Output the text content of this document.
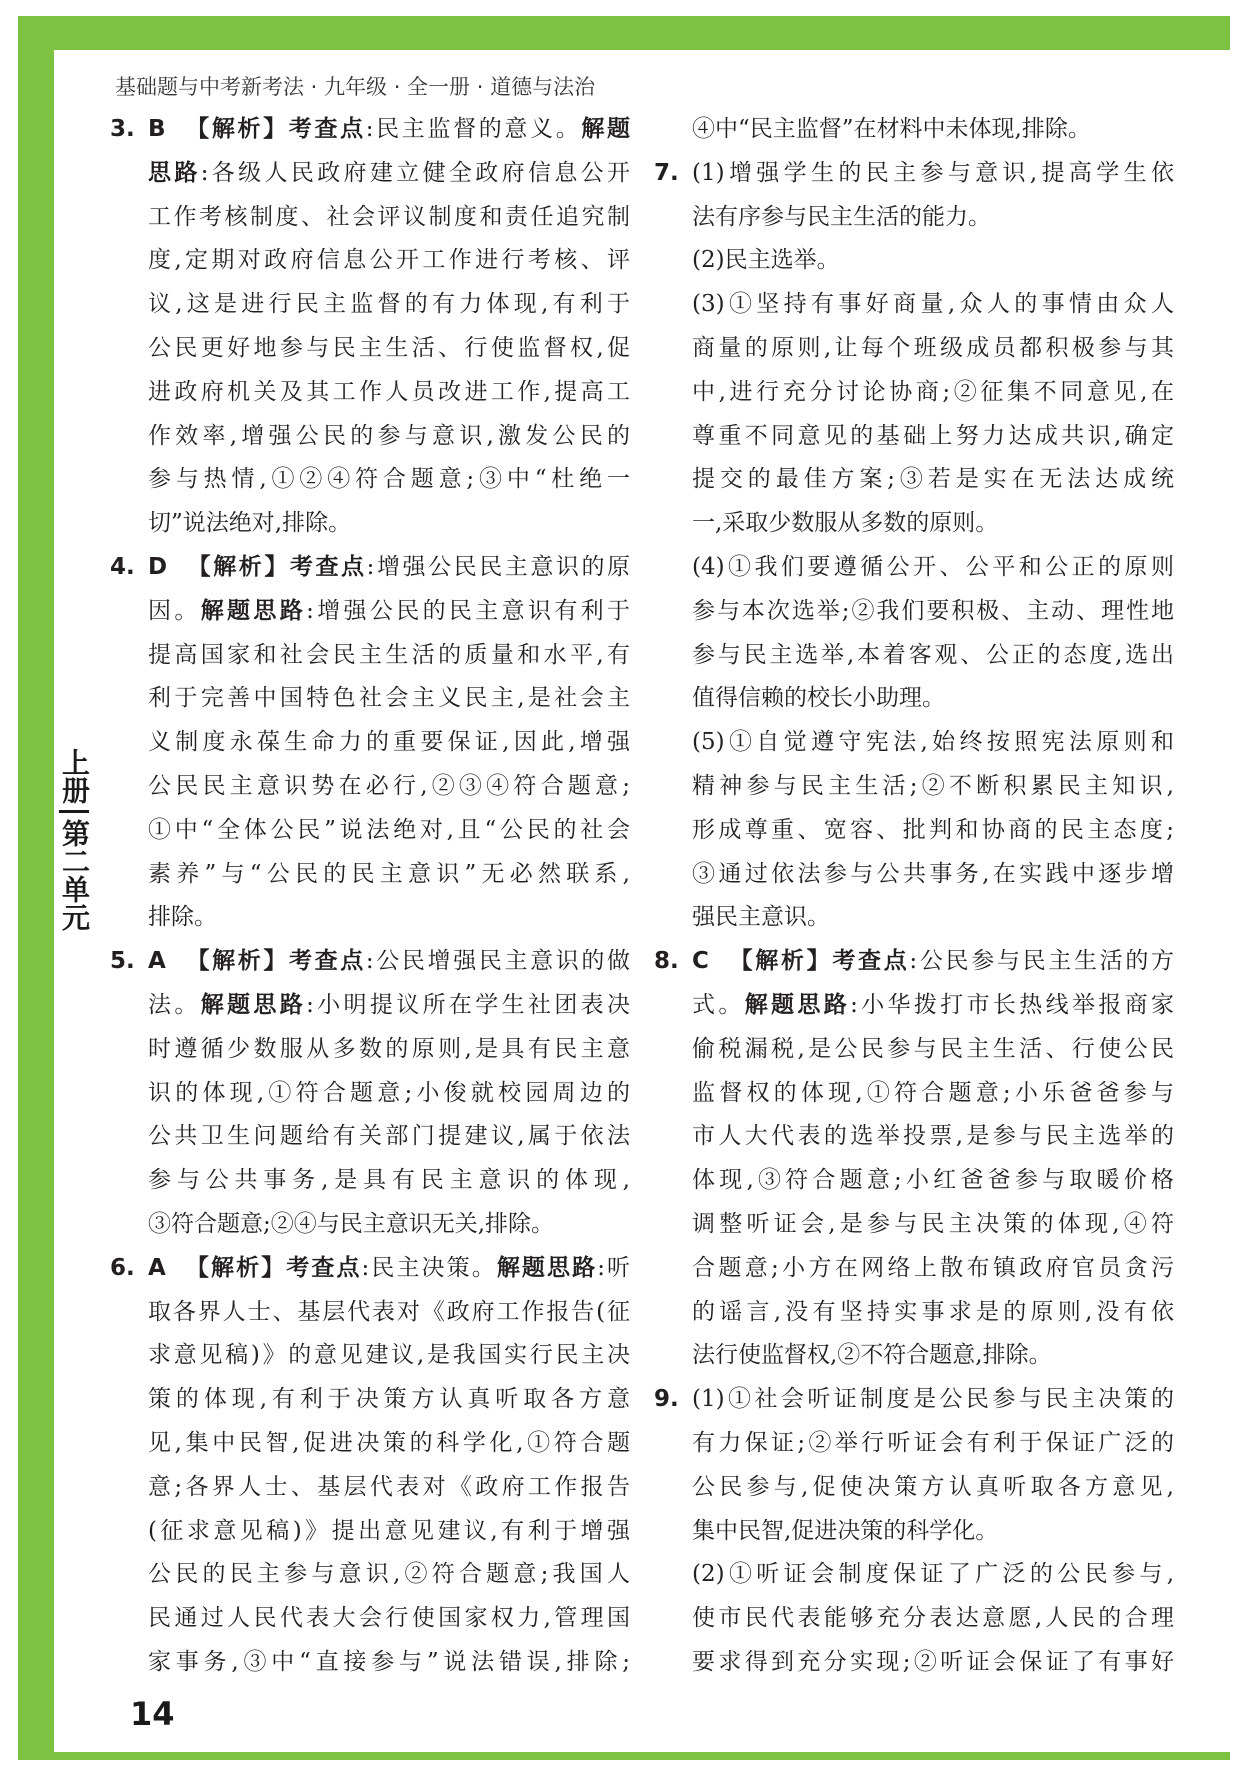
基础题与中考新考法 · 九年级 · 全一册 · 道德与法治
上册
第二单元
3. B 【解析】考查点:民主监督的意义。解题
思路:各级人民政府建立健全政府信息公开
工作考核制度、社会评议制度和责任追究制
度,定期对政府信息公开工作进行考核、评
议,这是进行民主监督的有力体现,有利于
公民更好地参与民主生活、行使监督权,促
进政府机关及其工作人员改进工作,提高工
作效率,增强公民的参与意识,激发公民的
参与热情,①②④符合题意;③中“杜绝一
切”说法绝对,排除。
4. D 【解析】考查点:增强公民民主意识的原
因。解题思路:增强公民的民主意识有利于
提高国家和社会民主生活的质量和水平,有
利于完善中国特色社会主义民主,是社会主
义制度永葆生命力的重要保证,因此,增强
公民民主意识势在必行,②③④符合题意;
①中“全体公民”说法绝对,且“公民的社会
素养”与“公民的民主意识”无必然联系,
排除。
5. A 【解析】考查点:公民增强民主意识的做
法。解题思路:小明提议所在学生社团表决
时遵循少数服从多数的原则,是具有民主意
识的体现,①符合题意;小俊就校园周边的
公共卫生问题给有关部门提建议,属于依法
参与公共事务,是具有民主意识的体现,
③符合题意;②④与民主意识无关,排除。
6. A 【解析】考查点:民主决策。解题思路:听
取各界人士、基层代表对《政府工作报告(征
求意见稿)》的意见建议,是我国实行民主决
策的体现,有利于决策方认真听取各方意
见,集中民智,促进决策的科学化,①符合题
意;各界人士、基层代表对《政府工作报告
(征求意见稿)》提出意见建议,有利于增强
公民的民主参与意识,②符合题意;我国人
民通过人民代表大会行使国家权力,管理国
家事务,③中“直接参与”说法错误,排除;
④中“民主监督”在材料中未体现,排除。
7. (1)增强学生的民主参与意识,提高学生依
法有序参与民主生活的能力。
(2)民主选举。
(3)①坚持有事好商量,众人的事情由众人
商量的原则,让每个班级成员都积极参与其
中,进行充分讨论协商;②征集不同意见,在
尊重不同意见的基础上努力达成共识,确定
提交的最佳方案;③若是实在无法达成统
一,采取少数服从多数的原则。
(4)①我们要遵循公开、公平和公正的原则
参与本次选举;②我们要积极、主动、理性地
参与民主选举,本着客观、公正的态度,选出
值得信赖的校长小助理。
(5)①自觉遵守宪法,始终按照宪法原则和
精神参与民主生活;②不断积累民主知识,
形成尊重、宽容、批判和协商的民主态度;
③通过依法参与公共事务,在实践中逐步增
强民主意识。
8. C 【解析】考查点:公民参与民主生活的方
式。解题思路:小华拨打市长热线举报商家
偷税漏税,是公民参与民主生活、行使公民
监督权的体现,①符合题意;小乐爸爸参与
市人大代表的选举投票,是参与民主选举的
体现,③符合题意;小红爸爸参与取暖价格
调整听证会,是参与民主决策的体现,④符
合题意;小方在网络上散布镇政府官员贪污
的谣言,没有坚持实事求是的原则,没有依
法行使监督权,②不符合题意,排除。
9. (1)①社会听证制度是公民参与民主决策的
有力保证;②举行听证会有利于保证广泛的
公民参与,促使决策方认真听取各方意见,
集中民智,促进决策的科学化。
(2)①听证会制度保证了广泛的公民参与,
使市民代表能够充分表达意愿,人民的合理
要求得到充分实现;②听证会保证了有事好
14
